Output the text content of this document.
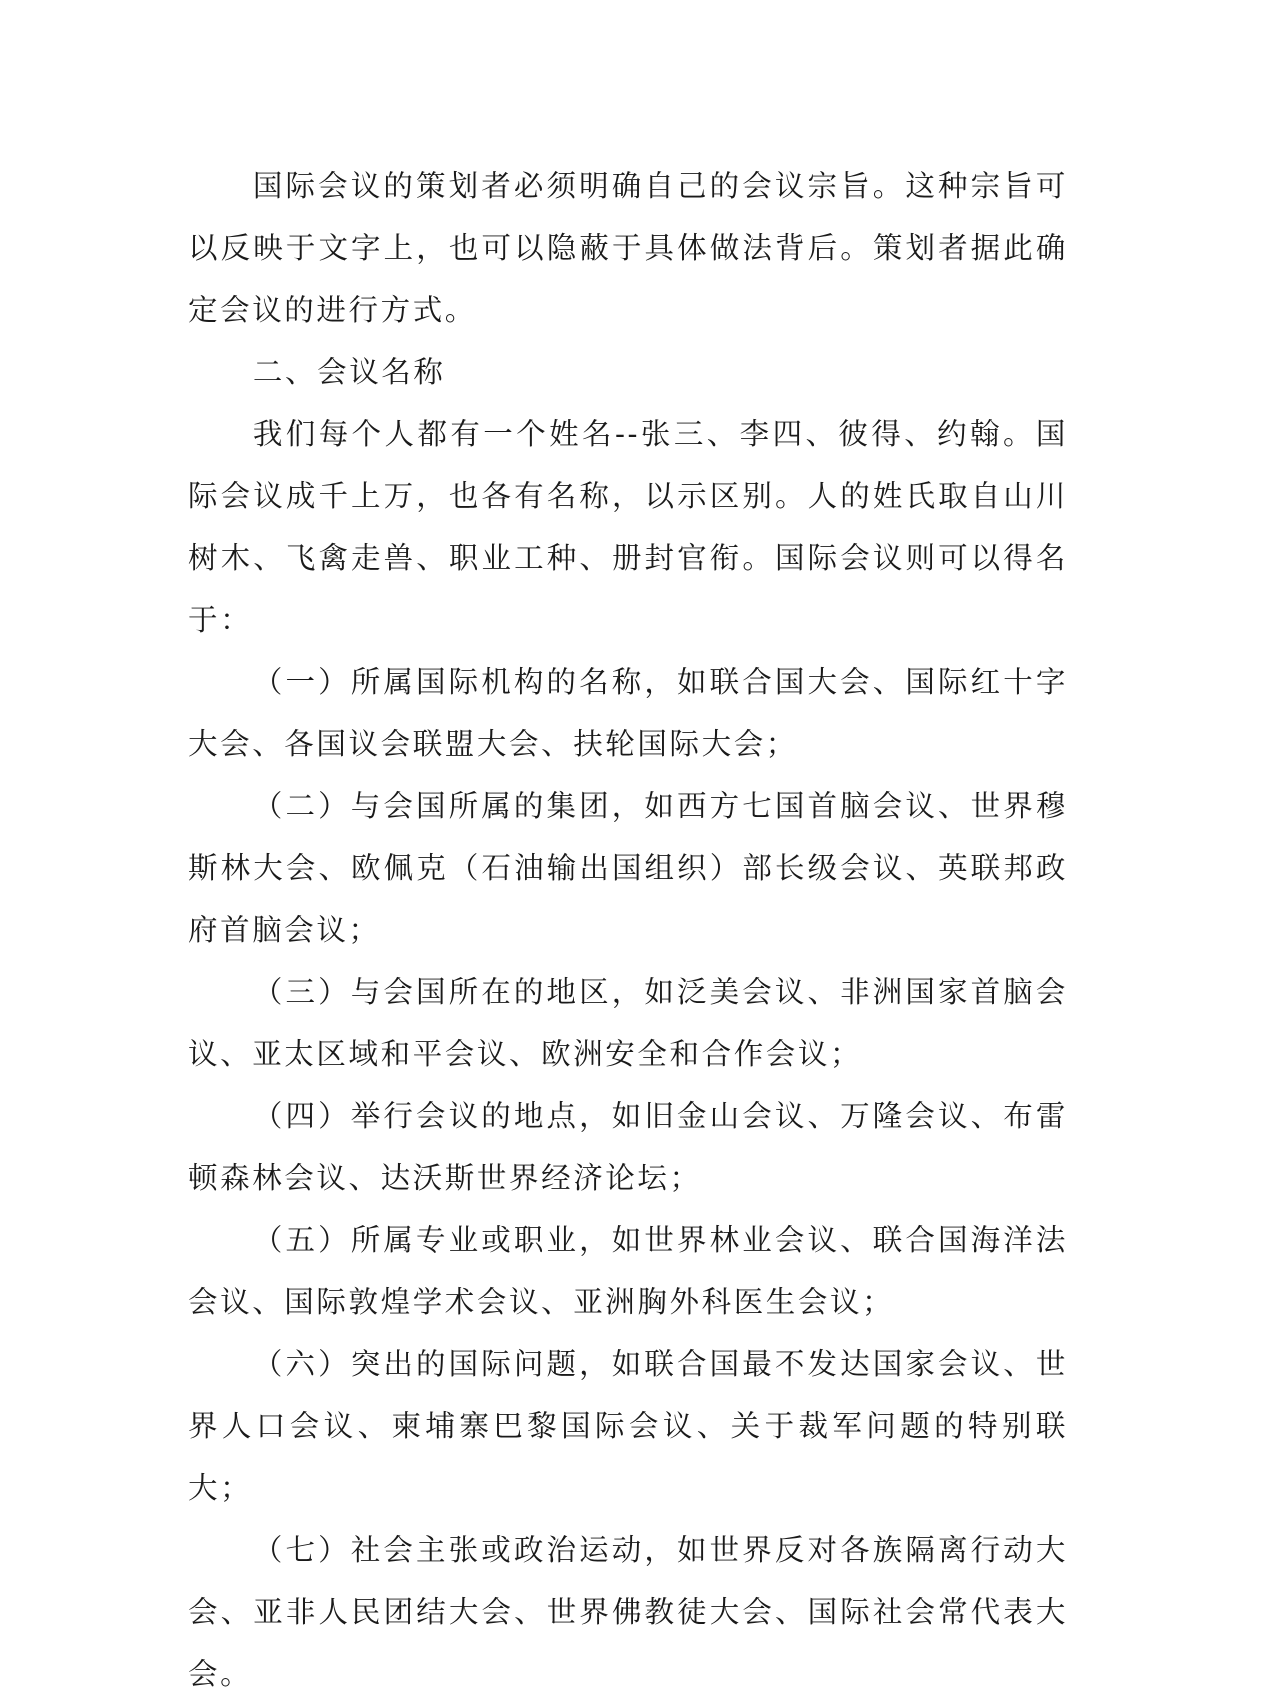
国际会议的策划者必须明确自己的会议宗旨。这种宗旨可以反映于文字上，也可以隐蔽于具体做法背后。策划者据此确定会议的进行方式。

二、会议名称

我们每个人都有一个姓名--张三、李四、彼得、约翰。国际会议成千上万，也各有名称，以示区别。人的姓氏取自山川树木、飞禽走兽、职业工种、册封官衔。国际会议则可以得名于：

（一）所属国际机构的名称，如联合国大会、国际红十字大会、各国议会联盟大会、扶轮国际大会；

（二）与会国所属的集团，如西方七国首脑会议、世界穆斯林大会、欧佩克（石油输出国组织）部长级会议、英联邦政府首脑会议；

（三）与会国所在的地区，如泛美会议、非洲国家首脑会议、亚太区域和平会议、欧洲安全和合作会议；

（四）举行会议的地点，如旧金山会议、万隆会议、布雷顿森林会议、达沃斯世界经济论坛；

（五）所属专业或职业，如世界林业会议、联合国海洋法会议、国际敦煌学术会议、亚洲胸外科医生会议；

（六）突出的国际问题，如联合国最不发达国家会议、世界人口会议、柬埔寨巴黎国际会议、关于裁军问题的特别联大；

（七）社会主张或政治运动，如世界反对各族隔离行动大会、亚非人民团结大会、世界佛教徒大会、国际社会常代表大会。
